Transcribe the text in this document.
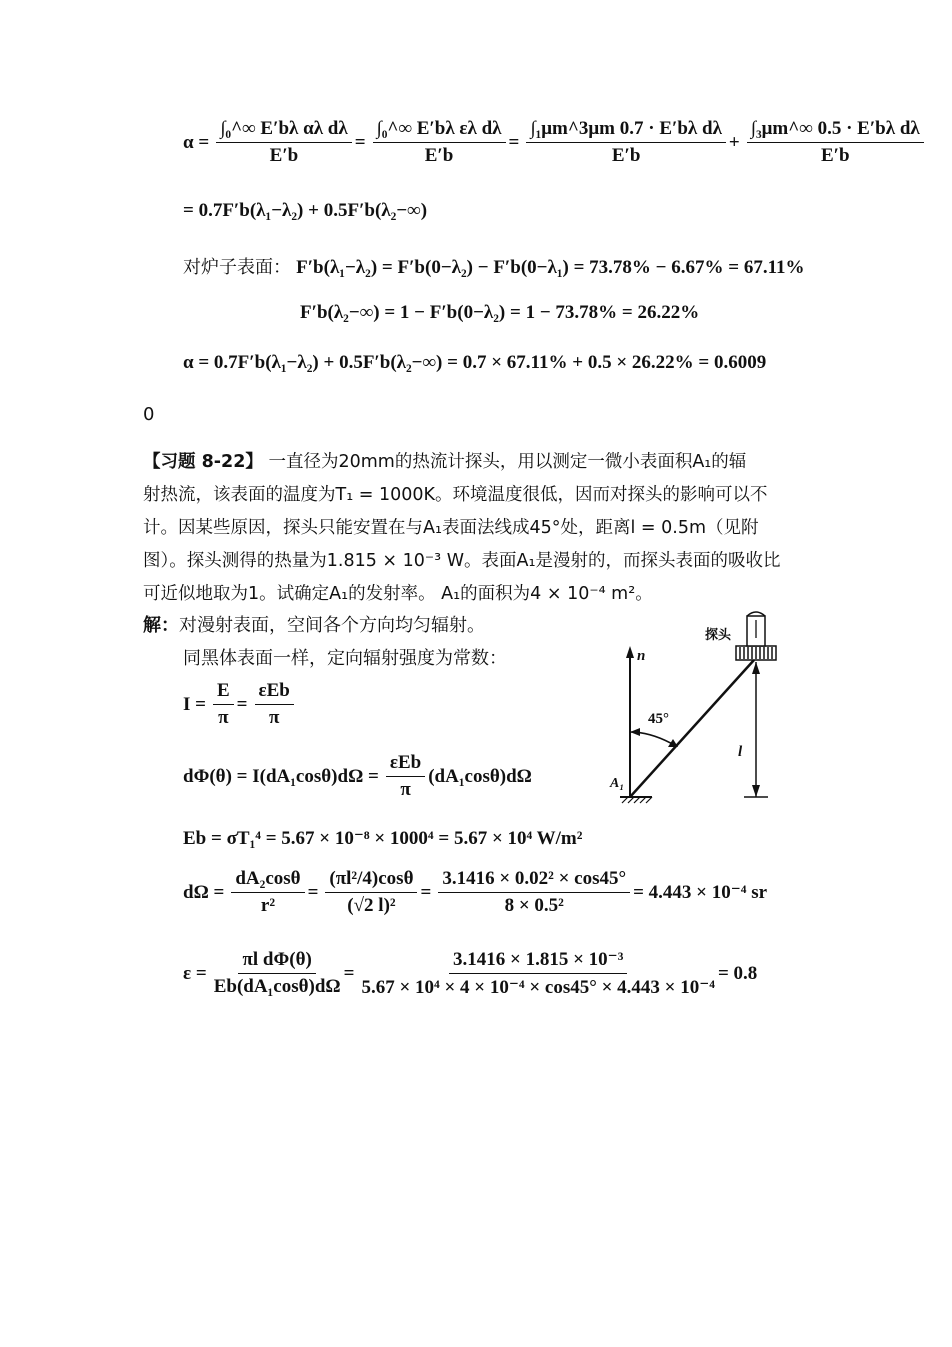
$\alpha = \frac{\text{∫₀\textasciicircum{}∞ E′bλ αλ dλ}}{E'b} = \frac{\text{∫₀\textasciicircum{}∞ E′bλ ελ dλ}}{E'b} = \frac{\text{∫₁μm\textasciicircum{}3μm 0.7 · E′bλ dλ}}{E'b} + \frac{\text{∫₃μm\textasciicircum{}∞ 0.5 · E′bλ dλ}}{E'b}$
= 0.7F′b(λ₁−λ₂) + 0.5F′b(λ₂−∞)
对炉子表面： F′b(λ₁−λ₂) = F′b(0−λ₂) − F′b(0−λ₁) = 73.78% − 6.67% = 67.11%
F′b(λ₂−∞) = 1 − F′b(0−λ₂) = 1 − 73.78% = 26.22%
α = 0.7F′b(λ₁−λ₂) + 0.5F′b(λ₂−∞) = 0.7 × 67.11% + 0.5 × 26.22% = 0.6009
0
【习题 8-22】 一直径为20mm的热流计探头，用以测定一微小表面积A₁的辐
射热流，该表面的温度为T₁ = 1000K。环境温度很低，因而对探头的影响可以不
计。因某些原因，探头只能安置在与A₁表面法线成45°处，距离l = 0.5m（见附
图）。探头测得的热量为1.815 × 10⁻³ W。表面A₁是漫射的，而探头表面的吸收比
可近似地取为1。试确定A₁的发射率。 A₁的面积为4 × 10⁻⁴ m²。
解：对漫射表面，空间各个方向均匀辐射。
同黑体表面一样，定向辐射强度为常数：
$I = \frac{E}{\pi} = \frac{\text{εEb}}{\pi}$
$d\Phi(\theta) = I(dA_1\cos\theta)d\Omega = \frac{\text{εEb}}{\pi} (dA_1\cos\theta)d\Omega$
Eb = σT₁⁴ = 5.67 × 10⁻⁸ × 1000⁴ = 5.67 × 10⁴ W/m²
$d\Omega = \frac{\text{dA₂cosθ}}{\text{r²}} = \frac{\text{(πl²/4)cosθ}}{\text{(√2 l)²}} = \frac{\text{3.1416 × 0.02² × cos45°}}{\text{8 × 0.5²}} = 4.443 \times 10^{-4}$ sr
$\varepsilon = \frac{\text{πl dΦ(θ)}}{\text{Eb(dA₁cosθ)dΩ}} = \frac{\text{3.1416 × 1.815 × 10⁻³}}{\text{5.67 × 10⁴ × 4 × 10⁻⁴ × cos45° × 4.443 × 10⁻⁴}} = 0.8$
探头
n
45°
l
A₁
